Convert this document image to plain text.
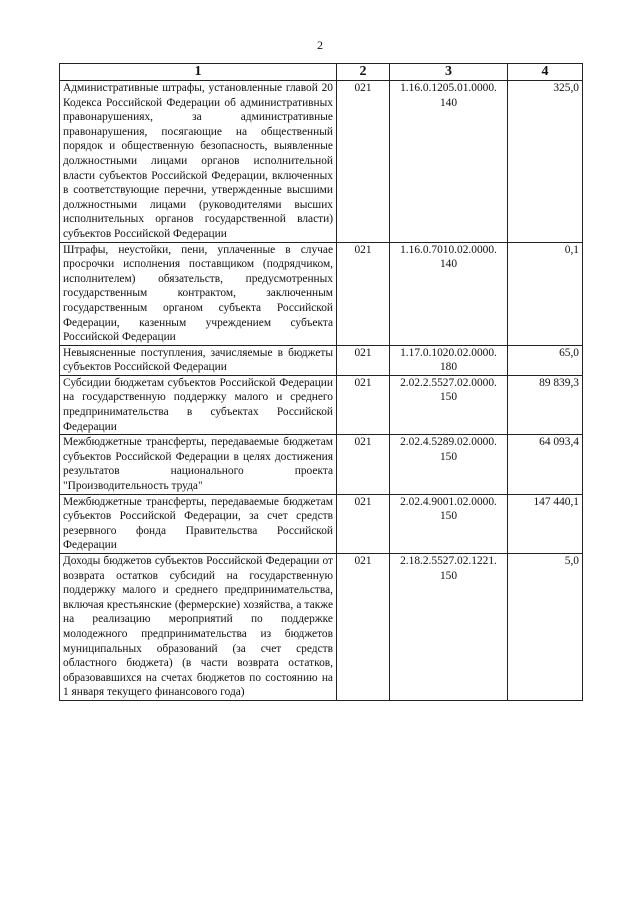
2
1	2	3	4
Административные штрафы, установленные главой 20 Кодекса Российской Федерации об административных правонарушениях, за административные правонарушения, посягающие на общественный порядок и общественную безопасность, выявленные должностными лицами органов исполнительной власти субъектов Российской Федерации, включенных в соответствующие перечни, утвержденные высшими должностными лицами (руководителями высших исполнительных органов государственной власти) субъектов Российской Федерации	021	1.16.0.1205.01.0000. 140	325,0
Штрафы, неустойки, пени, уплаченные в случае просрочки исполнения поставщиком (подрядчиком, исполнителем) обязательств, предусмотренных государственным контрактом, заключенным государственным органом субъекта Российской Федерации, казенным учреждением субъекта Российской Федерации	021	1.16.0.7010.02.0000. 140	0,1
Невыясненные поступления, зачисляемые в бюджеты субъектов Российской Федерации	021	1.17.0.1020.02.0000. 180	65,0
Субсидии бюджетам субъектов Российской Федерации на государственную поддержку малого и среднего предпринимательства в субъектах Российской Федерации	021	2.02.2.5527.02.0000. 150	89 839,3
Межбюджетные трансферты, передаваемые бюджетам субъектов Российской Федерации в целях достижения результатов национального проекта "Производительность труда"	021	2.02.4.5289.02.0000. 150	64 093,4
Межбюджетные трансферты, передаваемые бюджетам субъектов Российской Федерации, за счет средств резервного фонда Правительства Российской Федерации	021	2.02.4.9001.02.0000. 150	147 440,1
Доходы бюджетов субъектов Российской Федерации от возврата остатков субсидий на государственную поддержку малого и среднего предпринимательства, включая крестьянские (фермерские) хозяйства, а также на реализацию мероприятий по поддержке молодежного предпринимательства из бюджетов муниципальных образований (за счет средств областного бюджета) (в части возврата остатков, образовавшихся на счетах бюджетов по состоянию на 1 января текущего финансового года)	021	2.18.2.5527.02.1221. 150	5,0
